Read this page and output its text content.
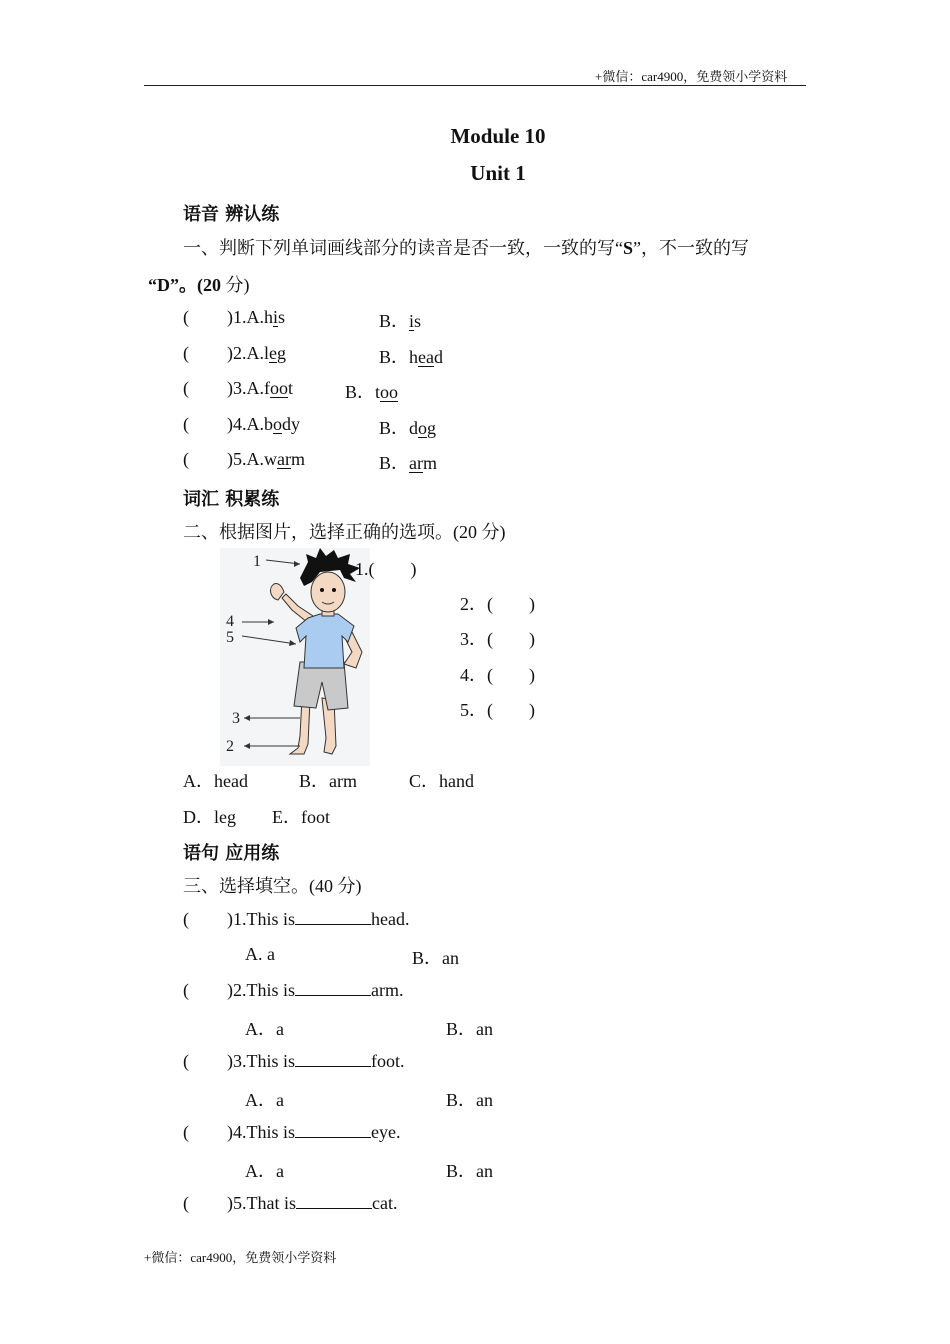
+微信：car4900，免费领小学资料
Module 10
Unit 1
语音 辨认练
一、判断下列单词画线部分的读音是否一致，一致的写“S”，不一致的写
“D”。(20 分)
( )1.A.his	B．is
( )2.A.leg	B．head
( )3.A.foot	B．too
( )4.A.body	B．dog
( )5.A.warm	B．arm
词汇 积累练
二、根据图片，选择正确的选项。(20 分)
1
2
3
4
5
1.(　　)
2．(　　)
3．(　　)
4．(　　)
5．(　　)
A．head	B．arm	C．hand
D．leg E．foot
语句 应用练
三、选择填空。(40 分)
( )1.This is	head.
A. a	B．an
( )2.This is	arm.
A．a	B．an
( )3.This is	foot.
A．a	B．an
( )4.This is	eye.
A．a	B．an
( )5.That is	cat.
+微信：car4900，免费领小学资料
